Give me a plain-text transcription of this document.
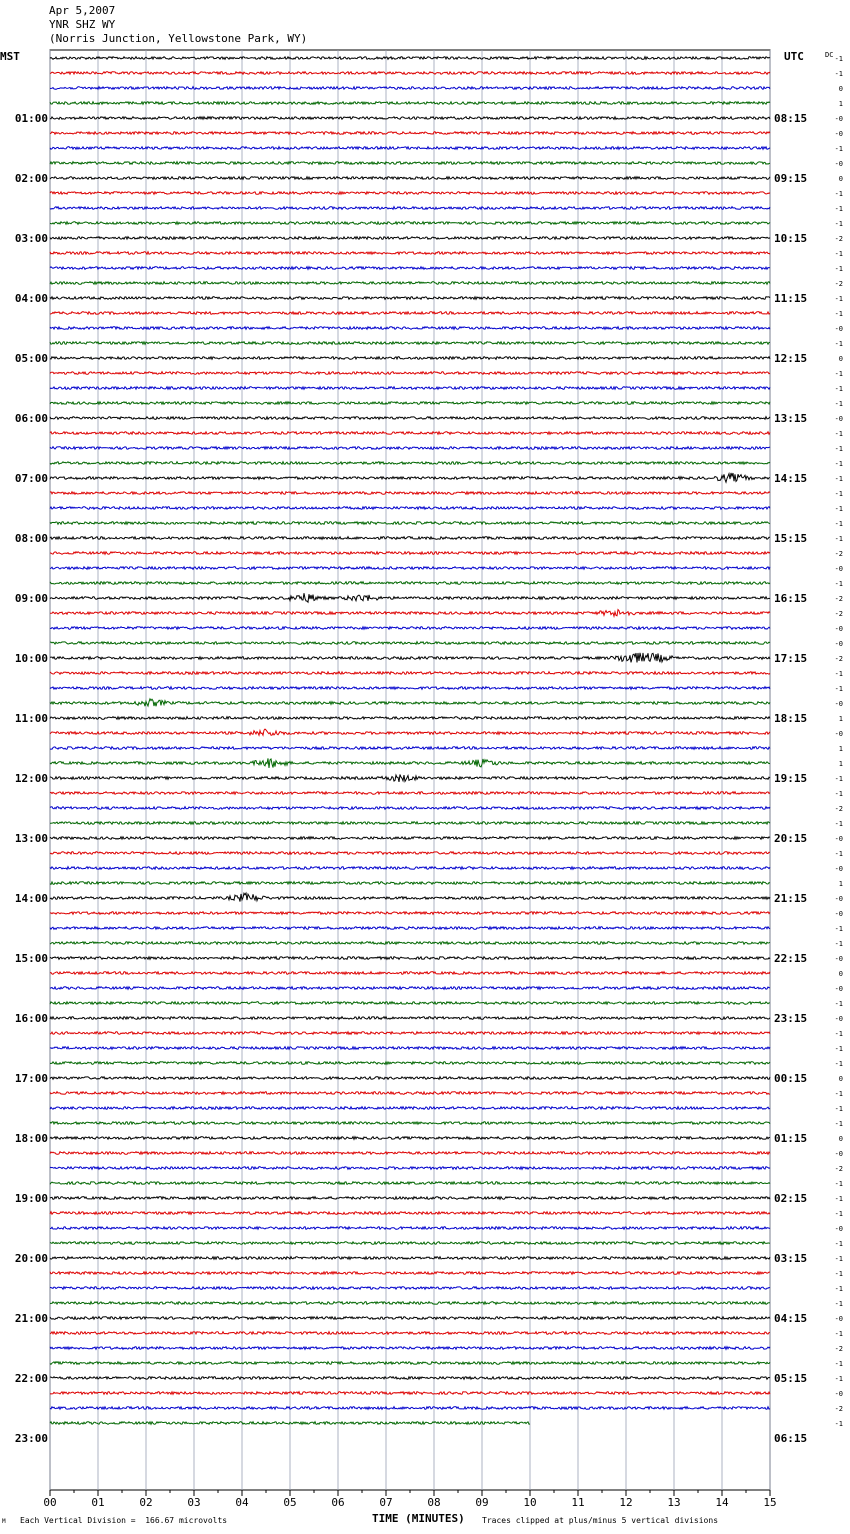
Apr 5,2007
YNR SHZ WY
(Norris Junction, Yellowstone Park, WY)
MST	UTC	DC
00	01	02	03	04	05	06	07	08	09	10	11	12	13	14	15
-1
-1
0
1
-0
-0
-1
-0
0
-1
-1
-1
-2
-1
-1
-2
-1
-1
-0
-1
0
-1
-1
-1
-0
-1
-1
-1
-1
-1
-1
-1
-1
-2
-0
-1
-2
-2
-0
-0
-2
-1
-1
-0
1
-0
1
1
-1
-1
-2
-1
-0
-1
-0
1
-0
-0
-1
-1
-0
0
-0
-1
-0
-1
-1
-1
0
-1
-1
-1
0
-0
-2
-1
-1
-1
-0
-1
-1
-1
-1
-1
-0
-1
-2
-1
-1
-0
-2
-1
01:00
02:00
03:00
04:00
05:00
06:00
07:00
08:00
09:00
10:00
11:00
12:00
13:00
14:00
15:00
16:00
17:00
18:00
19:00
20:00
21:00
22:00
23:00
08:15
09:15
10:15
11:15
12:15
13:15
14:15
15:15
16:15
17:15
18:15
19:15
20:15
21:15
22:15
23:15
00:15
01:15
02:15
03:15
04:15
05:15
06:15
M Each Vertical Division =  166.67 microvolts	TIME (MINUTES) Traces clipped at plus/minus 5 vertical divisions
